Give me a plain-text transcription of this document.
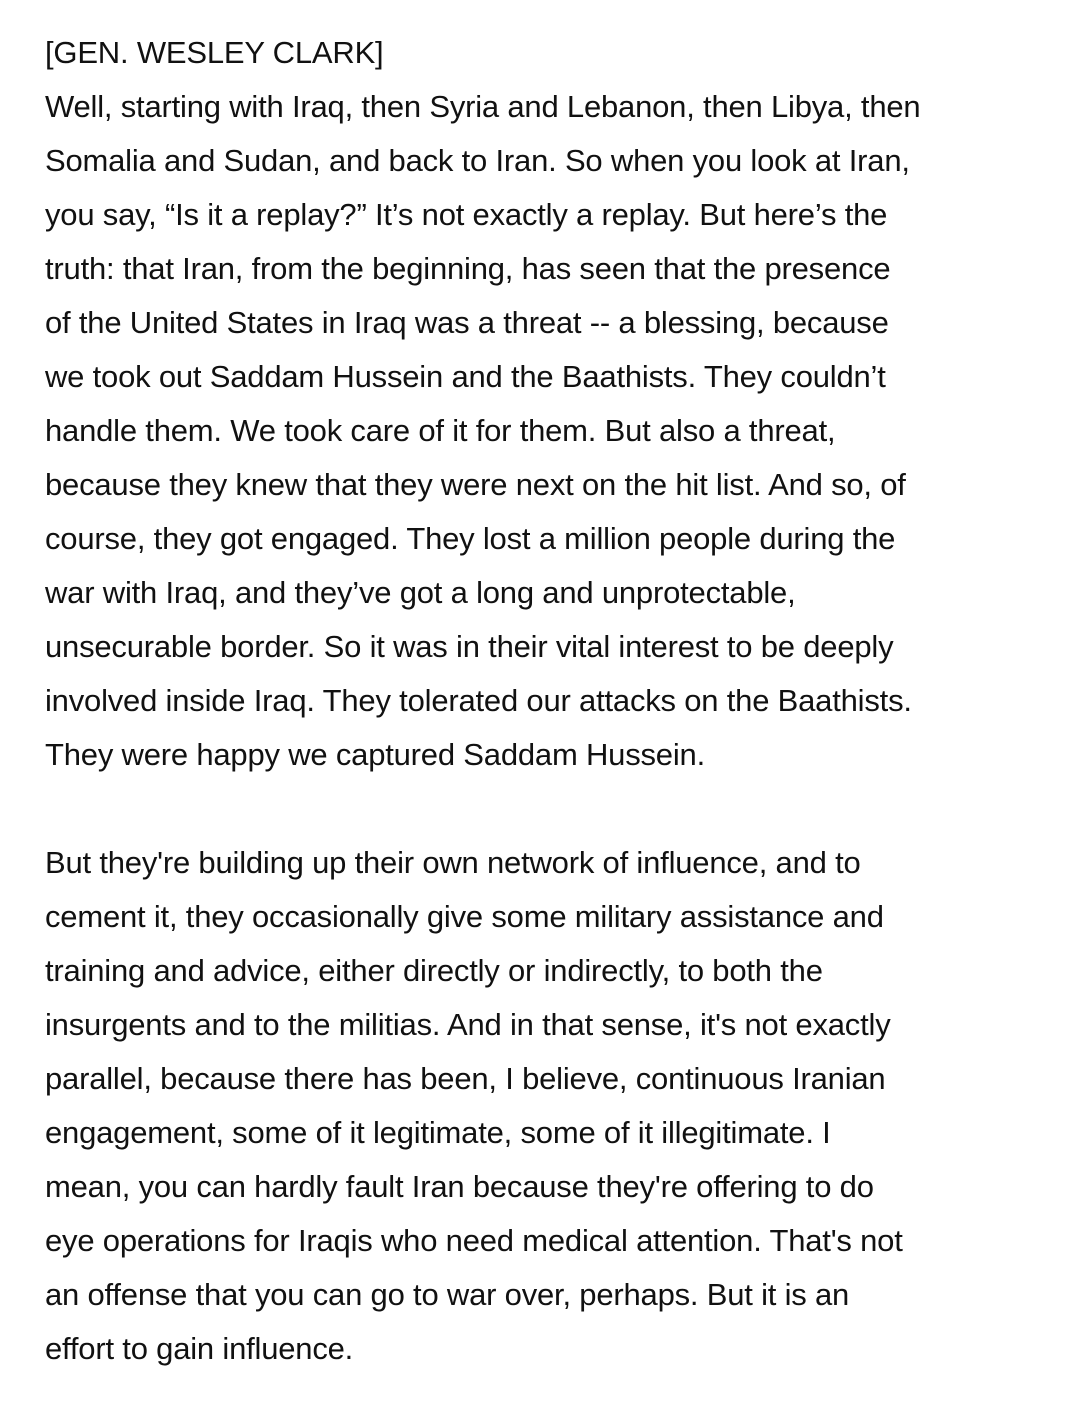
[GEN. WESLEY CLARK]

Well, starting with Iraq, then Syria and Lebanon, then Libya, then

Somalia and Sudan, and back to Iran. So when you look at Iran,

you say, “Is it a replay?” It’s not exactly a replay. But here’s the

truth: that Iran, from the beginning, has seen that the presence

of the United States in Iraq was a threat -- a blessing, because

we took out Saddam Hussein and the Baathists. They couldn’t

handle them. We took care of it for them. But also a threat,

because they knew that they were next on the hit list. And so, of

course, they got engaged. They lost a million people during the

war with Iraq, and they’ve got a long and unprotectable,

unsecurable border. So it was in their vital interest to be deeply

involved inside Iraq. They tolerated our attacks on the Baathists.

They were happy we captured Saddam Hussein.

But they're building up their own network of influence, and to

cement it, they occasionally give some military assistance and

training and advice, either directly or indirectly, to both the

insurgents and to the militias. And in that sense, it's not exactly

parallel, because there has been, I believe, continuous Iranian

engagement, some of it legitimate, some of it illegitimate. I

mean, you can hardly fault Iran because they're offering to do

eye operations for Iraqis who need medical attention. That's not

an offense that you can go to war over, perhaps. But it is an

effort to gain influence.
